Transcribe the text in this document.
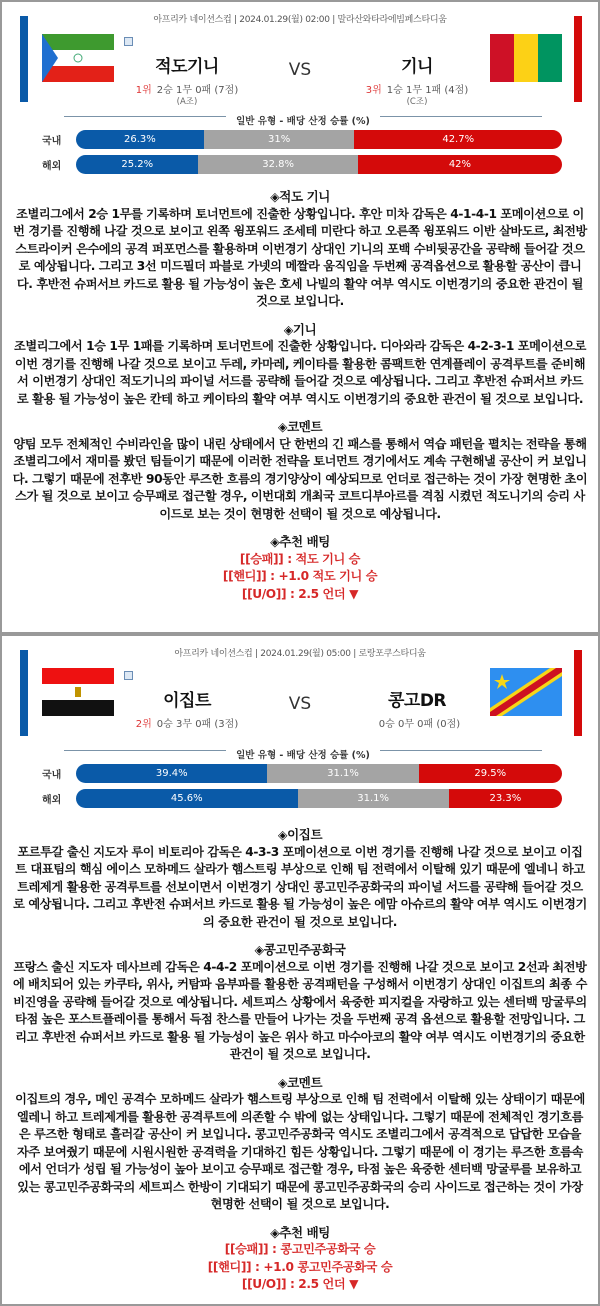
아프리카 네이션스컵 | 2024.01.29(월) 02:00 | 말라산와타라에빔페스타디움
적도기니
1위 2승 1무 0패 (7점)
(A조)
기니
3위 1승 1무 1패 (4점)
(C조)
VS
일반 유형 - 배당 산정 승률 (%)
국내	26.3%	31%	42.7%
해외	25.2%	32.8%	42%
◈적도 기니

조별리그에서 2승 1무를 기록하며 토너먼트에 진출한 상황입니다. 후안 미차 감독은 4-1-4-1 포메이션으로 이번 경기를 진행해 나갈 것으로 보이고 왼쪽 윙포워드 조세테 미란다 하고 오른쪽 윙포워드 이반 살바도르, 최전방 스트라이커 은수에의 공격 퍼포먼스를 활용하며 이번경기 상대인 기니의 포백 수비뒷공간을 공략해 들어갈 것으로 예상됩니다. 그리고 3선 미드필더 파블로 가넷의 메짤라 움직임을 두번째 공격옵션으로 활용할 공산이 큽니다. 후반전 슈퍼서브 카드로 활용 될 가능성이 높은 호세 나빌의 활약 여부 역시도 이번경기의 중요한 관건이 될 것으로 보입니다.

◈기니

조별리그에서 1승 1무 1패를 기록하며 토너먼트에 진출한 상황입니다. 디아와라 감독은 4-2-3-1 포메이션으로 이번 경기를 진행해 나갈 것으로 보이고 두레, 카마레, 케이타를 활용한 콤팩트한 연계플레이 공격루트를 준비해서 이번경기 상대인 적도기니의 파이널 서드를 공략해 들어갈 것으로 예상됩니다. 그리고 후반전 슈퍼서브 카드로 활용 될 가능성이 높은 칸테 하고 케이타의 활약 여부 역시도 이번경기의 중요한 관건이 될 것으로 보입니다.

◈코멘트

양팀 모두 전체적인 수비라인을 많이 내린 상태에서 단 한번의 긴 패스를 통해서 역습 패턴을 펼치는 전략을 통해 조별리그에서 재미를 봤던 팀들이기 때문에 이러한 전략을 토너먼트 경기에서도 계속 구현해낼 공산이 커 보입니다. 그렇기 때문에 전후반 90동안 루즈한 흐름의 경기양상이 예상되므로 언더로 접근하는 것이 가장 현명한 초이스가 될 것으로 보이고 승무패로 접근할 경우, 이번대회 개최국 코트디부아르를 격침 시켰던 적도니기의 승리 사이드로 보는 것이 현명한 선택이 될 것으로 예상됩니다.

◈추천 배팅
[[승패]] : 적도 기니 승
[[핸디]] : +1.0 적도 기니 승
[[U/O]] : 2.5 언더 ▼
아프리카 네이션스컵 | 2024.01.29(월) 05:00 | 로랑포쿠스타디움
이집트
2위 0승 3무 0패 (3점)
콩고DR
0승 0무 0패 (0점)
VS
일반 유형 - 배당 산정 승률 (%)
국내	39.4%	31.1%	29.5%
해외	45.6%	31.1%	23.3%
◈이집트

포르투갈 출신 지도자 루이 비토리아 감독은 4-3-3 포메이션으로 이번 경기를 진행해 나갈 것으로 보이고 이집트 대표팀의 핵심 에이스 모하메드 살라가 햄스트링 부상으로 인해 팀 전력에서 이탈해 있기 때문에 엘네니 하고 트레제게 활용한 공격루트를 선보이면서 이번경기 상대인 콩고민주공화국의 파이널 서드를 공략해 들어갈 것으로 예상됩니다. 그리고 후반전 슈퍼서브 카드로 활용 될 가능성이 높은 에맘 아슈르의 활약 여부 역시도 이번경기의 중요한 관건이 될 것으로 보입니다.

◈콩고민주공화국

프랑스 출신 지도자 데사브레 감독은 4-4-2 포메이션으로 이번 경기를 진행해 나갈 것으로 보이고 2선과 최전방에 배치되어 있는 카쿠타, 위사, 커탐파 음부파를 활용한 공격패턴을 구성해서 이번경기 상대인 이집트의 최종 수비진영을 공략해 들어갈 것으로 예상됩니다. 세트피스 상황에서 육중한 피지컬을 자랑하고 있는 센터백 망굴루의 타점 높은 포스트플레이를 통해서 득점 찬스를 만들어 나가는 것을 두번째 공격 옵션으로 활용할 전망입니다. 그리고 후반전 슈퍼서브 카드로 활용 될 가능성이 높은 위사 하고 마수아코의 활약 여부 역시도 이번경기의 중요한 관건이 될 것으로 보입니다.

◈코멘트

이집트의 경우, 메인 공격수 모하메드 살라가 햄스트링 부상으로 인해 팀 전력에서 이탈해 있는 상태이기 때문에 엘레니 하고 트레제게를 활용한 공격루트에 의존할 수 밖에 없는 상태입니다. 그렇기 때문에 전체적인 경기흐름은 루즈한 형태로 흘러갈 공산이 커 보입니다. 콩고민주공화국 역시도 조별리그에서 공격적으로 답답한 모습을 자주 보여줬기 때문에 시원시원한 공격력을 기대하긴 힘든 상황입니다. 그렇기 때문에 이 경기는 루즈한 흐름속에서 언더가 성립 될 가능성이 높아 보이고 승무패로 접근할 경우, 타점 높은 육중한 센터백 망굴루를 보유하고 있는 콩고민주공화국의 세트피스 한방이 기대되기 때문에 콩고민주공화국의 승리 사이드로 접근하는 것이 가장 현명한 선택이 될 것으로 보입니다.

◈추천 배팅
[[승패]] : 콩고민주공화국 승
[[핸디]] : +1.0 콩고민주공화국 승
[[U/O]] : 2.5 언더 ▼
